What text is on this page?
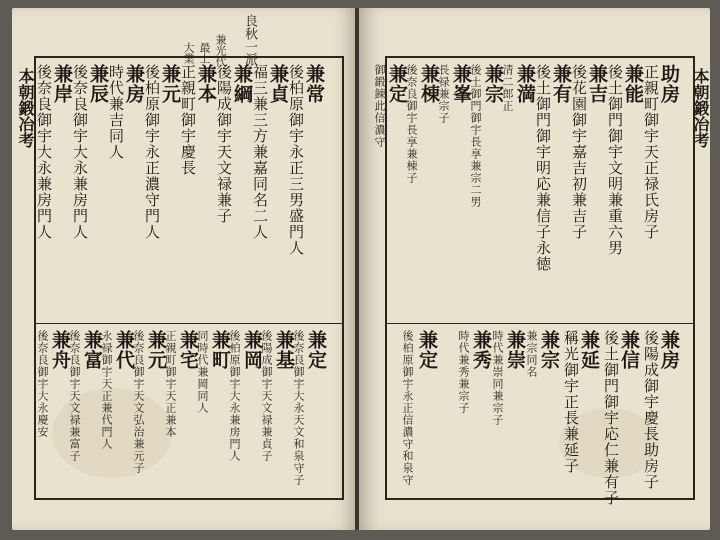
本朝鍛冶考
良秋一派
兼光代
最上
大業
兼常
後柏原御宇永正三男盛門人
兼貞
福三兼三方兼嘉同名二人
兼綱
後陽成御宇天文禄兼子
兼本
正親町御宇慶長
兼元
後柏原御宇永正濃守門人
兼房
時代兼吉同人
兼辰
後奈良御宇大永兼房門人
兼岸
後奈良御宇大永兼房門人
兼定
後奈良御宇大永天文和泉守子
兼基
後陽成御宇天文禄兼貞子
兼岡
後柏原御宇大永兼房門人
兼町
同時代兼岡同人
兼宅
正親町御宇天正兼本
兼元
後奈良御宇天文弘治兼元子
兼代
永禄御宇天正兼代門人
兼富
後奈良御宇天文禄兼富子
兼舟
後奈良御宇大永慶安
本朝鍛冶考
助房
正親町御宇天正禄氏房子
兼能
後土御門御宇文明兼重六男
兼吉
後花園御宇嘉吉初兼吉子
兼有
後土御門御宇明応兼信子永徳
兼満
清二郎正
兼宗
後土御門御宇長享兼宗二男
兼峯
長禄兼宗子
兼棟
後奈良御宇長享兼棟子
兼定
御鍛錬此信濃守
兼房
後陽成御宇慶長助房子
兼信
後土御門御宇応仁兼有子
兼延
稱光御宇正長兼延子
兼宗
兼宗同名
兼崇
時代兼崇同兼宗子
兼秀
時代兼秀兼宗子
兼定
後柏原御宇永正信濃守和泉守
